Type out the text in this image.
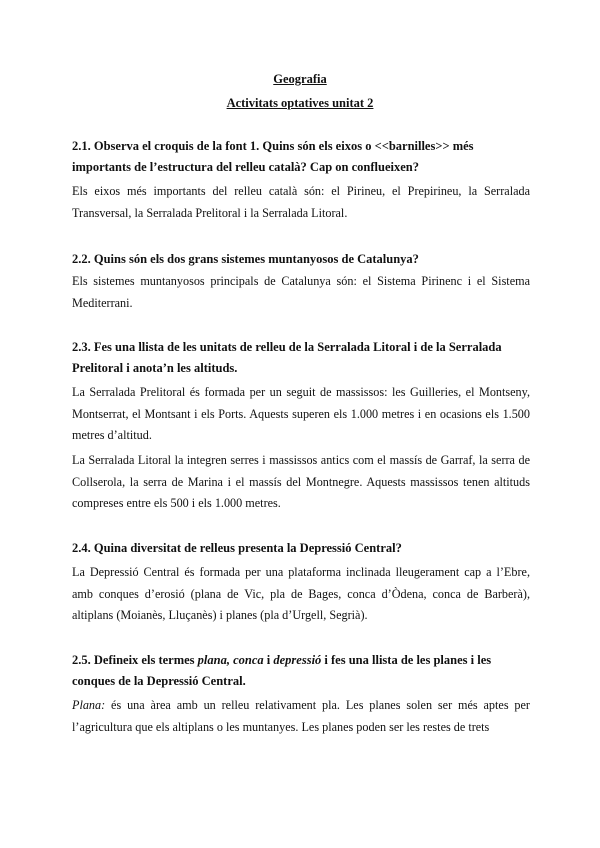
Geografia
Activitats optatives unitat 2

2.1. Observa el croquis de la font 1. Quins són els eixos o <<barnilles>> més importants de l’estructura del relleu català? Cap on conflueixen?

Els eixos més importants del relleu català són: el Pirineu, el Prepirineu, la Serralada Transversal, la Serralada Prelitoral i la Serralada Litoral.

2.2. Quins són els dos grans sistemes muntanyosos de Catalunya?

Els sistemes muntanyosos principals de Catalunya són: el Sistema Pirinenc i el Sistema Mediterrani.

2.3. Fes una llista de les unitats de relleu de la Serralada Litoral i de la Serralada Prelitoral i anota’n les altituds.

La Serralada Prelitoral és formada per un seguit de massissos: les Guilleries, el Montseny, Montserrat, el Montsant i els Ports. Aquests superen els 1.000 metres i en ocasions els 1.500 metres d’altitud.

La Serralada Litoral la integren serres i massissos antics com el massís de Garraf, la serra de Collserola, la serra de Marina i el massís del Montnegre. Aquests massissos tenen altituds compreses entre els 500 i els 1.000 metres.

2.4. Quina diversitat de relleus presenta la Depressió Central?

La Depressió Central és formada per una plataforma inclinada lleugerament cap a l’Ebre, amb conques d’erosió (plana de Vic, pla de Bages, conca d’Òdena, conca de Barberà), altiplans (Moianès, Lluçanès) i planes (pla d’Urgell, Segrià).

2.5. Defineix els termes plana, conca i depressió i fes una llista de les planes i les conques de la Depressió Central.

Plana: és una àrea amb un relleu relativament pla. Les planes solen ser més aptes per l’agricultura que els altiplans o les muntanyes. Les planes poden ser les restes de trets
